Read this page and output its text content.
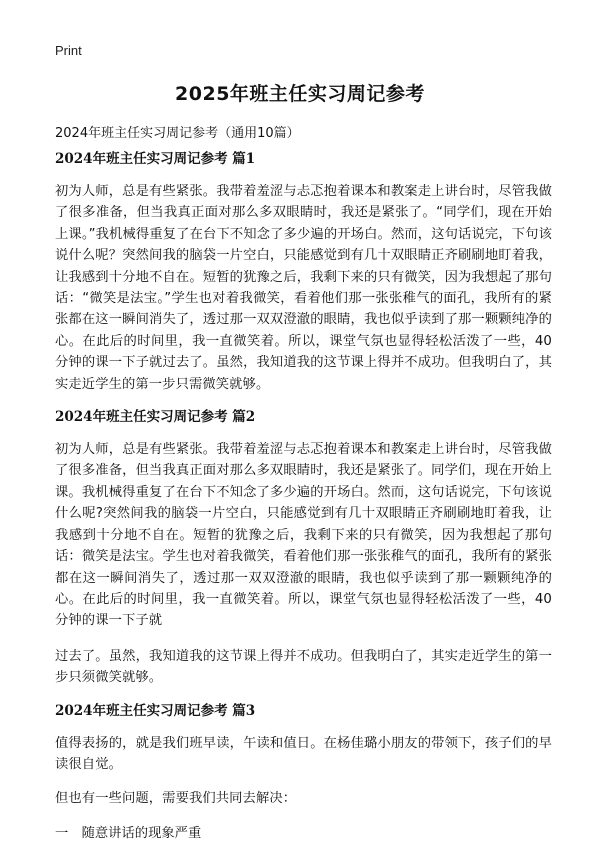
Print
2025年班主任实习周记参考

2024年班主任实习周记参考（通用10篇）

2024年班主任实习周记参考 篇1

初为人师，总是有些紧张。我带着羞涩与忐忑抱着课本和教案走上讲台时，尽管我做了很多准备，但当我真正面对那么多双眼睛时，我还是紧张了。“同学们，现在开始上课。”我机械得重复了在台下不知念了多少遍的开场白。然而，这句话说完，下句该说什么呢？突然间我的脑袋一片空白，只能感觉到有几十双眼睛正齐刷刷地盯着我，让我感到十分地不自在。短暂的犹豫之后，我剩下来的只有微笑，因为我想起了那句话：“微笑是法宝。”学生也对着我微笑，看着他们那一张张稚气的面孔，我所有的紧张都在这一瞬间消失了，透过那一双双澄澈的眼睛，我也似乎读到了那一颗颗纯净的心。在此后的时间里，我一直微笑着。所以，课堂气氛也显得轻松活泼了一些，40分钟的课一下子就过去了。虽然，我知道我的这节课上得并不成功。但我明白了，其实走近学生的第一步只需微笑就够。

2024年班主任实习周记参考 篇2

初为人师，总是有些紧张。我带着羞涩与忐忑抱着课本和教案走上讲台时，尽管我做了很多准备，但当我真正面对那么多双眼睛时，我还是紧张了。同学们，现在开始上课。我机械得重复了在台下不知念了多少遍的开场白。然而，这句话说完，下句该说什么呢?突然间我的脑袋一片空白，只能感觉到有几十双眼睛正齐刷刷地盯着我，让我感到十分地不自在。短暂的犹豫之后，我剩下来的只有微笑，因为我想起了那句话：微笑是法宝。学生也对着我微笑，看着他们那一张张稚气的面孔，我所有的紧张都在这一瞬间消失了，透过那一双双澄澈的眼睛，我也似乎读到了那一颗颗纯净的心。在此后的时间里，我一直微笑着。所以，课堂气氛也显得轻松活泼了一些，40分钟的课一下子就

过去了。虽然，我知道我的这节课上得并不成功。但我明白了，其实走近学生的第一步只须微笑就够。

2024年班主任实习周记参考 篇3

值得表扬的，就是我们班早读，午读和值日。在杨佳璐小朋友的带领下，孩子们的早读很自觉。

但也有一些问题，需要我们共同去解决：

一　随意讲话的现象严重
